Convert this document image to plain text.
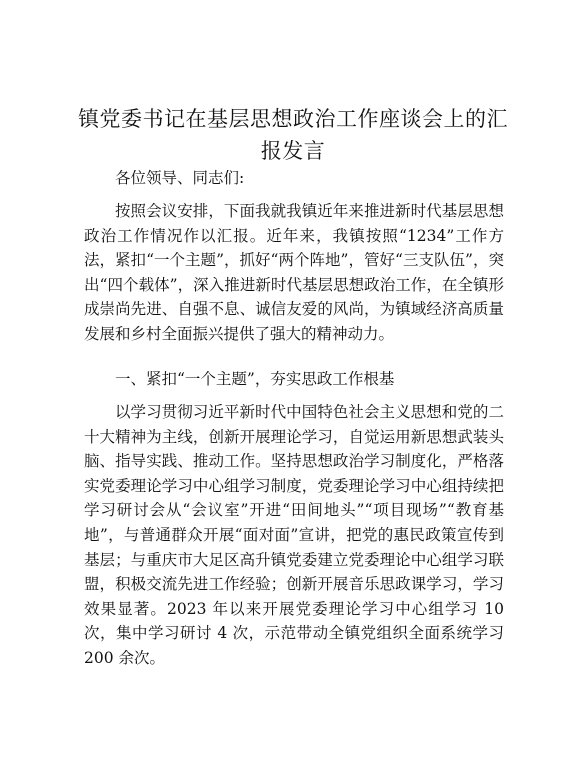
镇党委书记在基层思想政治工作座谈会上的汇报发言
各位领导、同志们:
按照会议安排，下面我就我镇近年来推进新时代基层思想政治工作情况作以汇报。近年来，我镇按照“1234”工作方法，紧扣“一个主题”，抓好“两个阵地”，管好“三支队伍”，突出“四个载体”，深入推进新时代基层思想政治工作，在全镇形成崇尚先进、自强不息、诚信友爱的风尚，为镇域经济高质量发展和乡村全面振兴提供了强大的精神动力。
一、紧扣“一个主题”，夯实思政工作根基
以学习贯彻习近平新时代中国特色社会主义思想和党的二十大精神为主线，创新开展理论学习，自觉运用新思想武装头脑、指导实践、推动工作。坚持思想政治学习制度化，严格落实党委理论学习中心组学习制度，党委理论学习中心组持续把学习研讨会从“会议室”开进“田间地头”“项目现场”“教育基地”，与普通群众开展“面对面”宣讲，把党的惠民政策宣传到基层；与重庆市大足区高升镇党委建立党委理论中心组学习联盟，积极交流先进工作经验；创新开展音乐思政课学习，学习效果显著。2023 年以来开展党委理论学习中心组学习 10 次，集中学习研讨 4 次，示范带动全镇党组织全面系统学习 200 余次。
